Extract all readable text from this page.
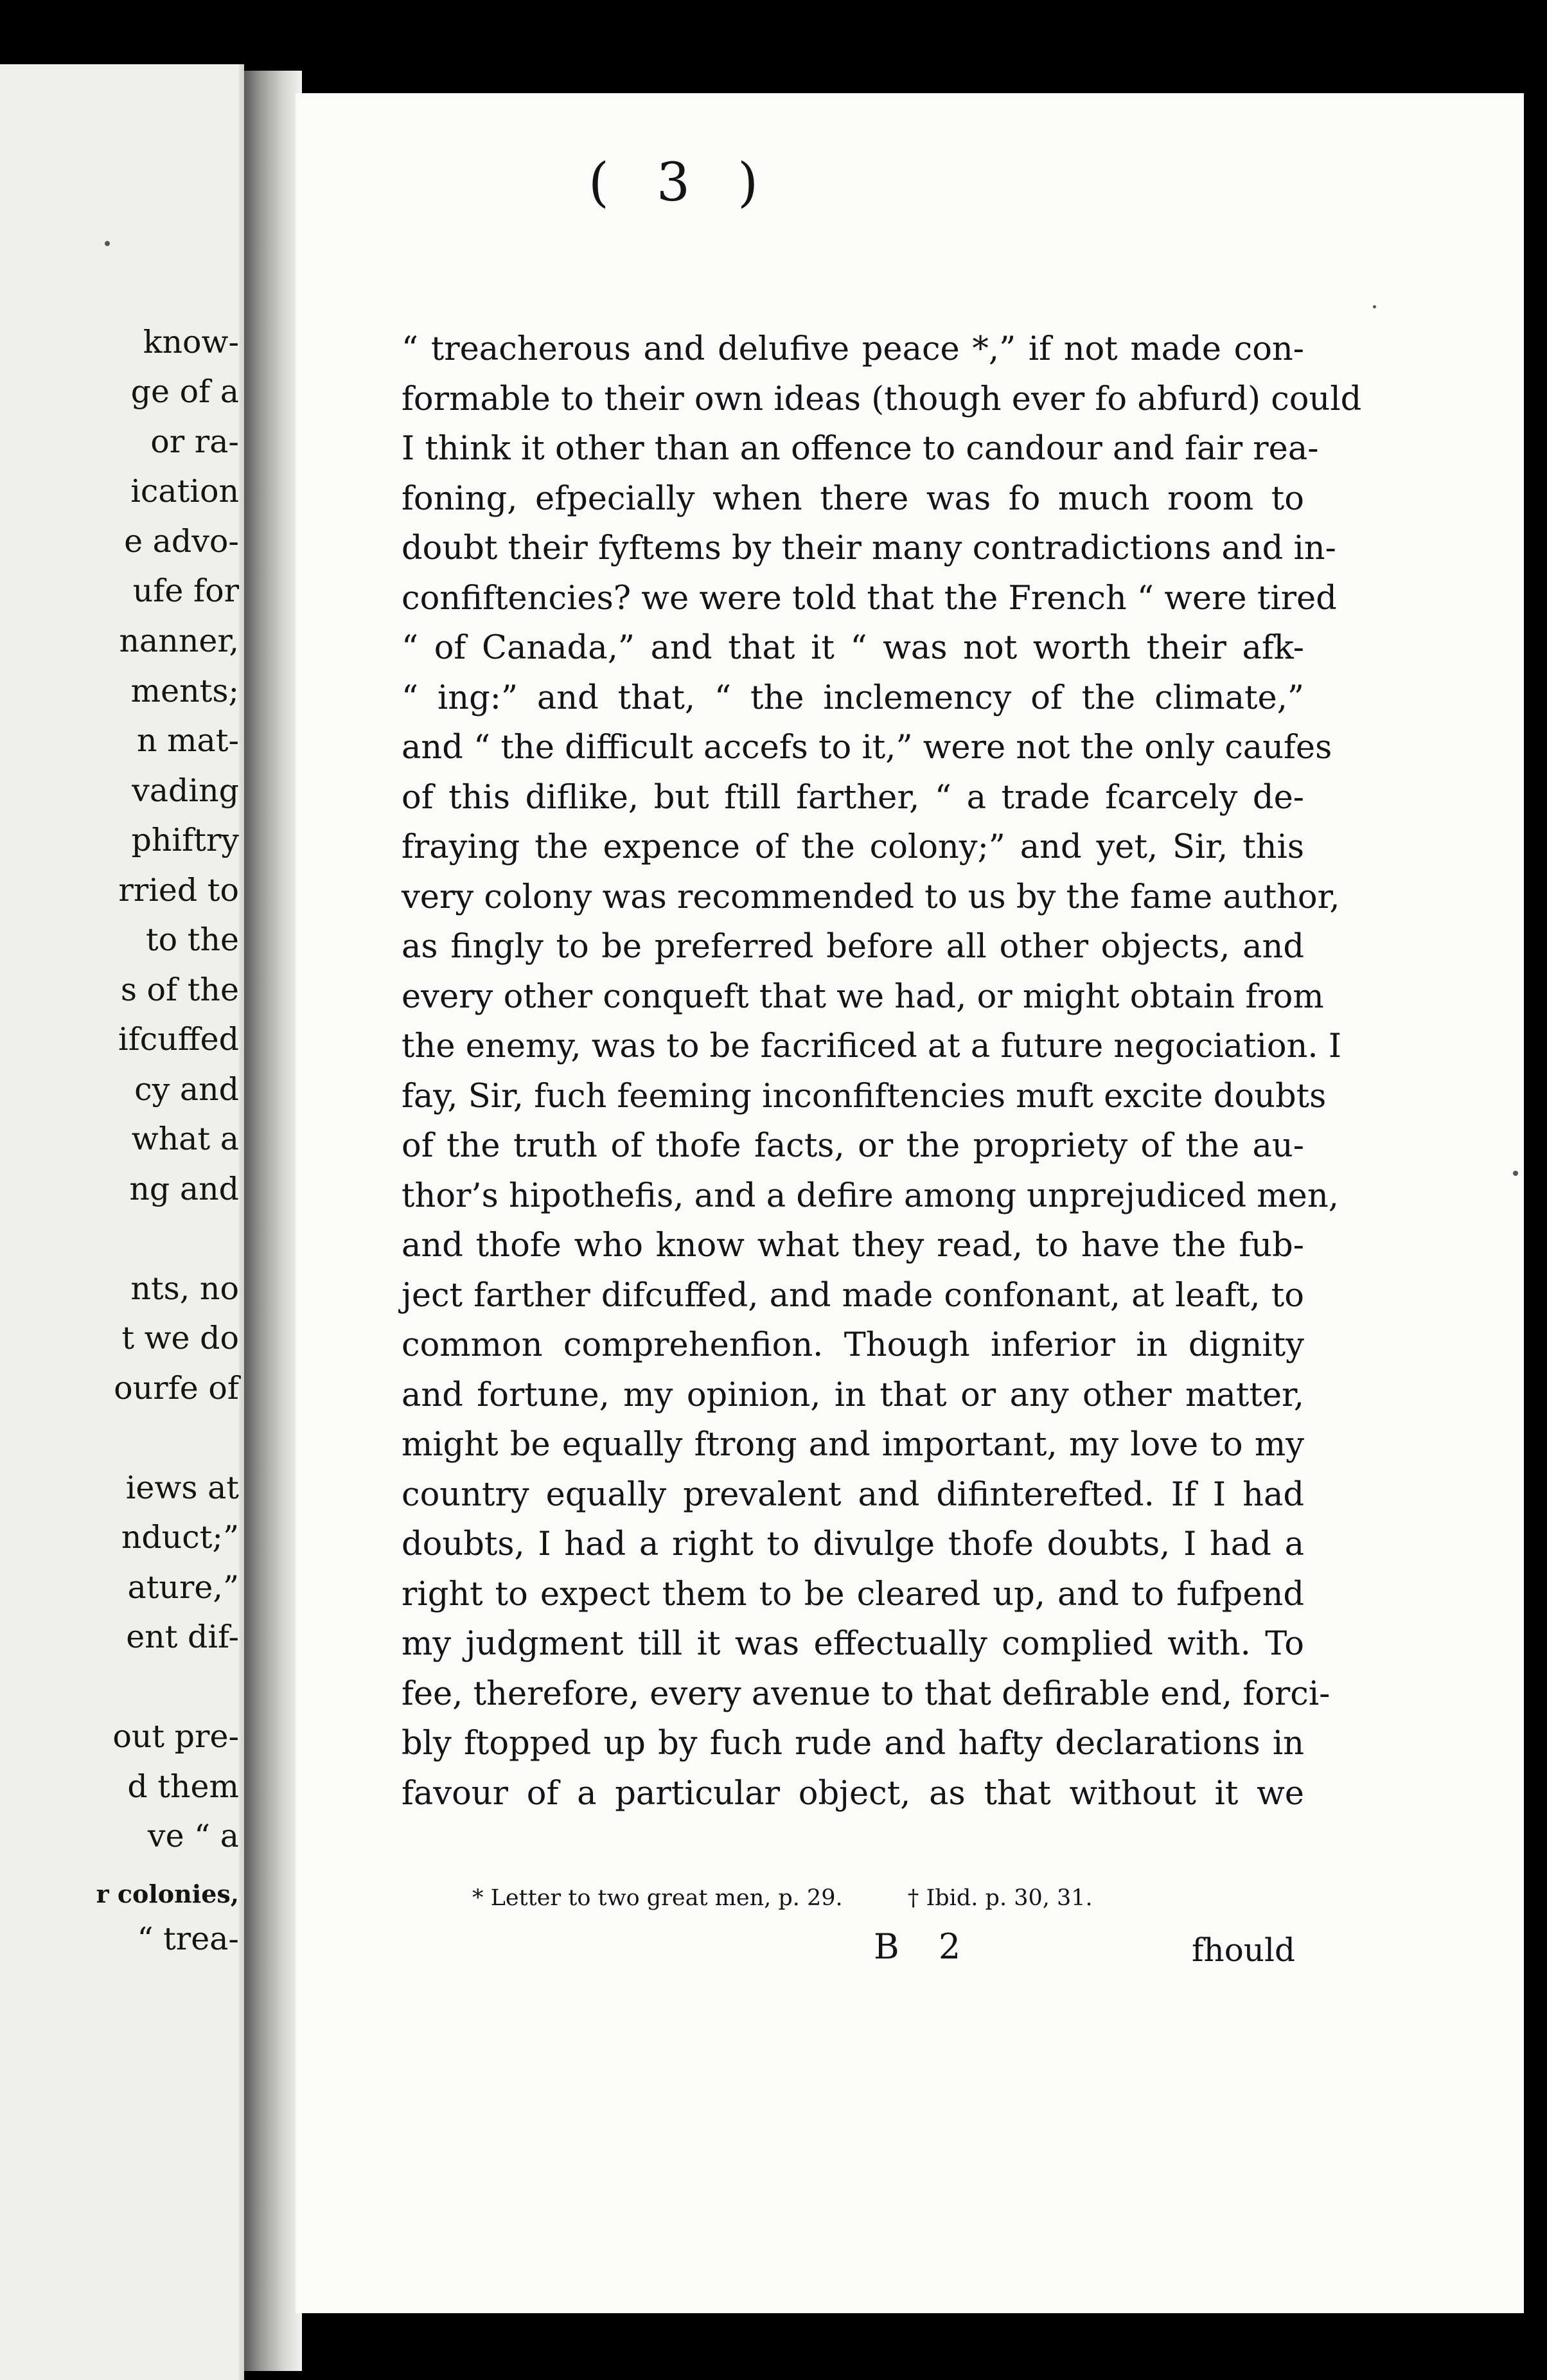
know-
ge of a
or ra-
ication
e advo-
ufe for
nanner,
ments;
n mat-
vading
phiftry
rried to
to the
s of the
ifcuffed
cy and
what a
ng and
nts, no
t we do
ourfe of
iews at
nduct;”
ature,”
ent dif-
out pre-
d them
ve “ a
r colonies,
“ trea-
( 3 )
“ treacherous and delufive peace *,” if not made con-
formable to their own ideas (though ever fo abfurd) could
I think it other than an offence to candour and fair rea-
foning, efpecially when there was fo much room to
doubt their fyftems by their many contradictions and in-
confiftencies? we were told that the French “ were tired
“ of Canada,” and that it “ was not worth their afk-
“ ing:” and that, “ the inclemency of the climate,”
and “ the difficult accefs to it,” were not the only caufes
of this diflike, but ftill farther, “ a trade fcarcely de-
fraying the expence of the colony;” and yet, Sir, this
very colony was recommended to us by the fame author,
as fingly to be preferred before all other objects, and
every other conqueft that we had, or might obtain from
the enemy, was to be facrificed at a future negociation. I
fay, Sir, fuch feeming inconfiftencies muft excite doubts
of the truth of thofe facts, or the propriety of the au-
thor’s hipothefis, and a defire among unprejudiced men,
and thofe who know what they read, to have the fub-
ject farther difcuffed, and made confonant, at leaft, to
common comprehenfion. Though inferior in dignity
and fortune, my opinion, in that or any other matter,
might be equally ftrong and important, my love to my
country equally prevalent and difinterefted. If I had
doubts, I had a right to divulge thofe doubts, I had a
right to expect them to be cleared up, and to fufpend
my judgment till it was effectually complied with. To
fee, therefore, every avenue to that defirable end, forci-
bly ftopped up by fuch rude and hafty declarations in
favour of a particular object, as that without it we
* Letter to two great men, p. 29.	† Ibid. p. 30, 31.
B 2	fhould
